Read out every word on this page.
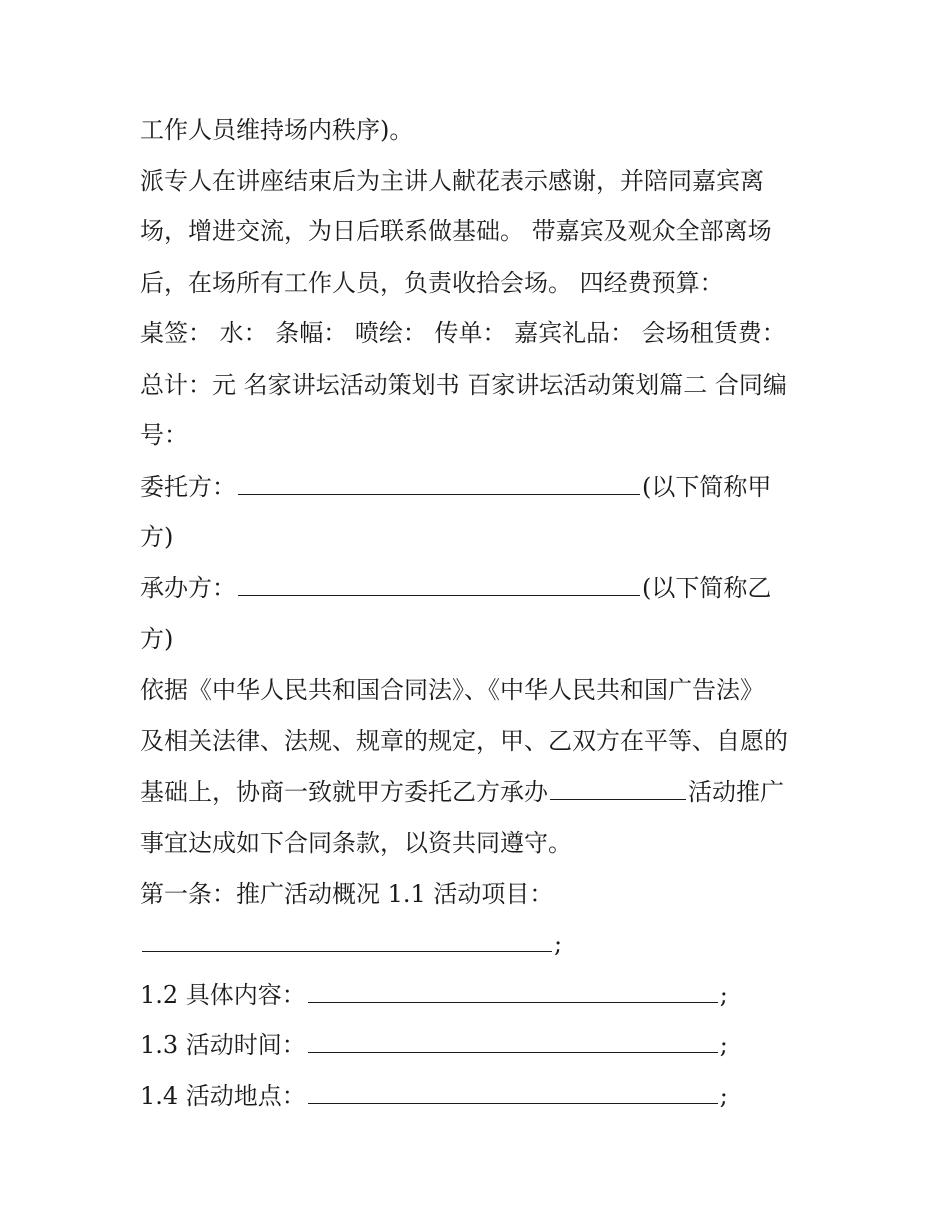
工作人员维持场内秩序)。

派专人在讲座结束后为主讲人献花表示感谢，并陪同嘉宾离

场，增进交流，为日后联系做基础。 带嘉宾及观众全部离场

后，在场所有工作人员，负责收拾会场。 四经费预算：

桌签： 水： 条幅： 喷绘： 传单： 嘉宾礼品： 会场租赁费：

总计：元 名家讲坛活动策划书 百家讲坛活动策划篇二 合同编

号：

委托方：	(以下简称甲

方)

承办方：	(以下简称乙

方)

依据《中华人民共和国合同法》、《中华人民共和国广告法》

及相关法律、法规、规章的规定，甲、乙双方在平等、自愿的

基础上，协商一致就甲方委托乙方承办	活动推广

事宜达成如下合同条款，以资共同遵守。

第一条：推广活动概况 1.1 活动项目：

;

1.2 具体内容：	;

1.3 活动时间：	;

1.4 活动地点：	;
